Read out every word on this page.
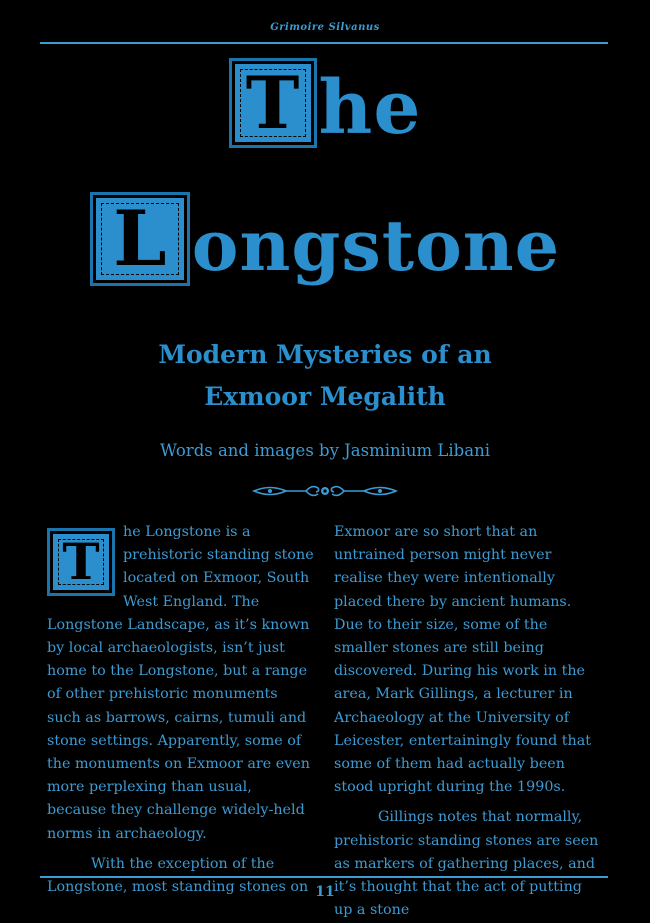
Grimoire Silvanus
T he
L ongstone
Modern Mysteries of an
Exmoor Megalith
Words and images by Jasminium Libani

T	he Longstone is a prehistoric standing stone located on Exmoor, South West England. The Longstone Landscape, as it’s known by local archaeologists, isn’t just home to the Longstone, but a range of other prehistoric monuments such as barrows, cairns, tumuli and stone settings. Apparently, some of the monuments on Exmoor are even more perplexing than usual, because they challenge widely-held norms in archaeology.

With the exception of the Longstone, most standing stones on

Exmoor are so short that an untrained person might never realise they were intentionally placed there by ancient humans. Due to their size, some of the smaller stones are still being discovered. During his work in the area, Mark Gillings, a lecturer in Archaeology at the University of Leicester, entertainingly found that some of them had actually been stood upright during the 1990s.

Gillings notes that normally, prehistoric standing stones are seen as markers of gathering places, and it’s thought that the act of putting up a stone

11
